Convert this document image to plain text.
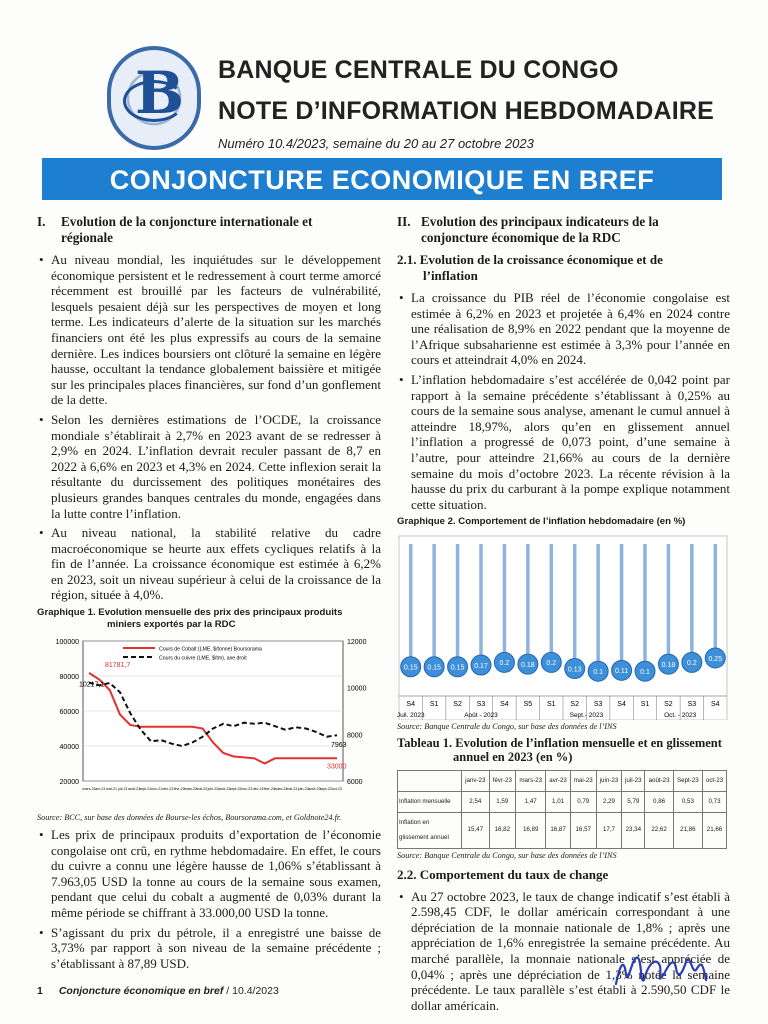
B BANQUE CENTRALE DU CONGO
NOTE D’INFORMATION HEBDOMADAIRE
Numéro 10.4/2023, semaine du 20 au 27 octobre 2023
CONJONCTURE ECONOMIQUE EN BREF
I. Evolution de la conjoncture internationale et
régionale
• Au niveau mondial, les inquiétudes sur le développement économique persistent et le redressement à court terme amorcé récemment est brouillé par les facteurs de vulnérabilité, lesquels pesaient déjà sur les perspectives de moyen et long terme. Les indicateurs d’alerte de la situation sur les marchés financiers ont été les plus expressifs au cours de la semaine dernière. Les indices boursiers ont clôturé la semaine en légère hausse, occultant la tendance globalement baissière et mitigée sur les principales places financières, sur fond d’un gonflement de la dette.
• Selon les dernières estimations de l’OCDE, la croissance mondiale s’établirait à 2,7% en 2023 avant de se redresser à 2,9% en 2024. L’inflation devrait reculer passant de 8,7 en 2022 à 6,6% en 2023 et 4,3% en 2024. Cette inflexion serait la résultante du durcissement des politiques monétaires des plusieurs grandes banques centrales du monde, engagées dans la lutte contre l’inflation.
• Au niveau national, la stabilité relative du cadre macroéconomique se heurte aux effets cycliques relatifs à la fin de l’année. La croissance économique est estimée à 6,2% en 2023, soit un niveau supérieur à celui de la croissance de la région, située à 4,0%.
Graphique 1. Evolution mensuelle des prix des principaux produits
miniers exportés par la RDC
100000
80000
60000
40000
20000
12000
10000
8000
6000
mars-21 avr-21 mai-21 juil-21 août-21 sept-21 nov-21 déc-21 févr-22 mars-22 mai-22 juin-22 août-22 sept-22 nov-22 déc-22 févr-23 mars-23 mai-23 juin-23 août-23 sept-23 oct-23
Cours de Cobalt (LME, $/tonne) Boursorama
Cours du cuivre (LME, $/tm), axe droit
81781,7
10217,1
7963
33000
Source: BCC, sur base des données de Bourse-les échos, Boursorama.com, et Goldnote24.fr.
• Les prix de principaux produits d’exportation de l’économie congolaise ont crû, en rythme hebdomadaire. En effet, le cours du cuivre a connu une légère hausse de 1,06% s’établissant à 7.963,05 USD la tonne au cours de la semaine sous examen, pendant que celui du cobalt a augmenté de 0,03% durant la même période se chiffrant à 33.000,00 USD la tonne.
• S’agissant du prix du pétrole, il a enregistré une baisse de 3,73% par rapport à son niveau de la semaine précédente ; s’établissant à 87,89 USD.
II. Evolution des principaux indicateurs de la
conjoncture économique de la RDC
2.1. Evolution de la croissance économique et de
l’inflation
• La croissance du PIB réel de l’économie congolaise est estimée à 6,2% en 2023 et projetée à 6,4% en 2024 contre une réalisation de 8,9% en 2022 pendant que la moyenne de l’Afrique subsaharienne est estimée à 3,3% pour l’année en cours et atteindrait 4,0% en 2024.
• L’inflation hebdomadaire s’est accélérée de 0,042 point par rapport à la semaine précédente s’établissant à 0,25% au cours de la semaine sous analyse, amenant le cumul annuel à atteindre 18,97%, alors qu’en en glissement annuel l’inflation a progressé de 0,073 point, d’une semaine à l’autre, pour atteindre 21,66% au cours de la dernière semaine du mois d’octobre 2023. La récente révision à la hausse du prix du carburant à la pompe explique notamment cette situation.
Graphique 2. Comportement de l’inflation hebdomadaire (en %)
0.15
S4
0.15
S1
0.15
S2
0.17
S3
0.2
S4
0.18
S5
0.2
S1
0.13
S2
0.1
S3
0.11
S4
0.1
S1
0.18
S2
0.2
S3
0.25
S4
Juil. 2023	Août - 2023	Sept.- 2023	Oct. - 2023
Source: Banque Centrale du Congo, sur base des données de l’INS
Tableau 1. Evolution de l’inflation mensuelle et en glissement
annuel en 2023 (en %)
	janv-23	févr-23	mars-23	avr-23	mai-23	juin-23	juil-23	août-23	Sept-23	oct-23
Inflation mensuelle	2,54	1,59	1,47	1,01	0,79	2,29	5,79	0,86	0,53	0,73
Inflation en glissement annuel	15,47	16,82	16,89	16,87	16,57	17,7	23,34	22,62	21,86	21,66
Source: Banque Centrale du Congo, sur base des données de l’INS
2.2. Comportement du taux de change
• Au 27 octobre 2023, le taux de change indicatif s’est établi à 2.598,45 CDF, le dollar américain correspondant à une dépréciation de la monnaie nationale de 1,8% ; après une appréciation de 1,6% enregistrée la semaine précédente. Au marché parallèle, la monnaie nationale s’est appréciée de 0,04% ; après une dépréciation de 1,3% notée la semaine précédente. Le taux parallèle s’est établi à 2.590,50 CDF le dollar américain.
1 Conjoncture économique en bref / 10.4/2023
